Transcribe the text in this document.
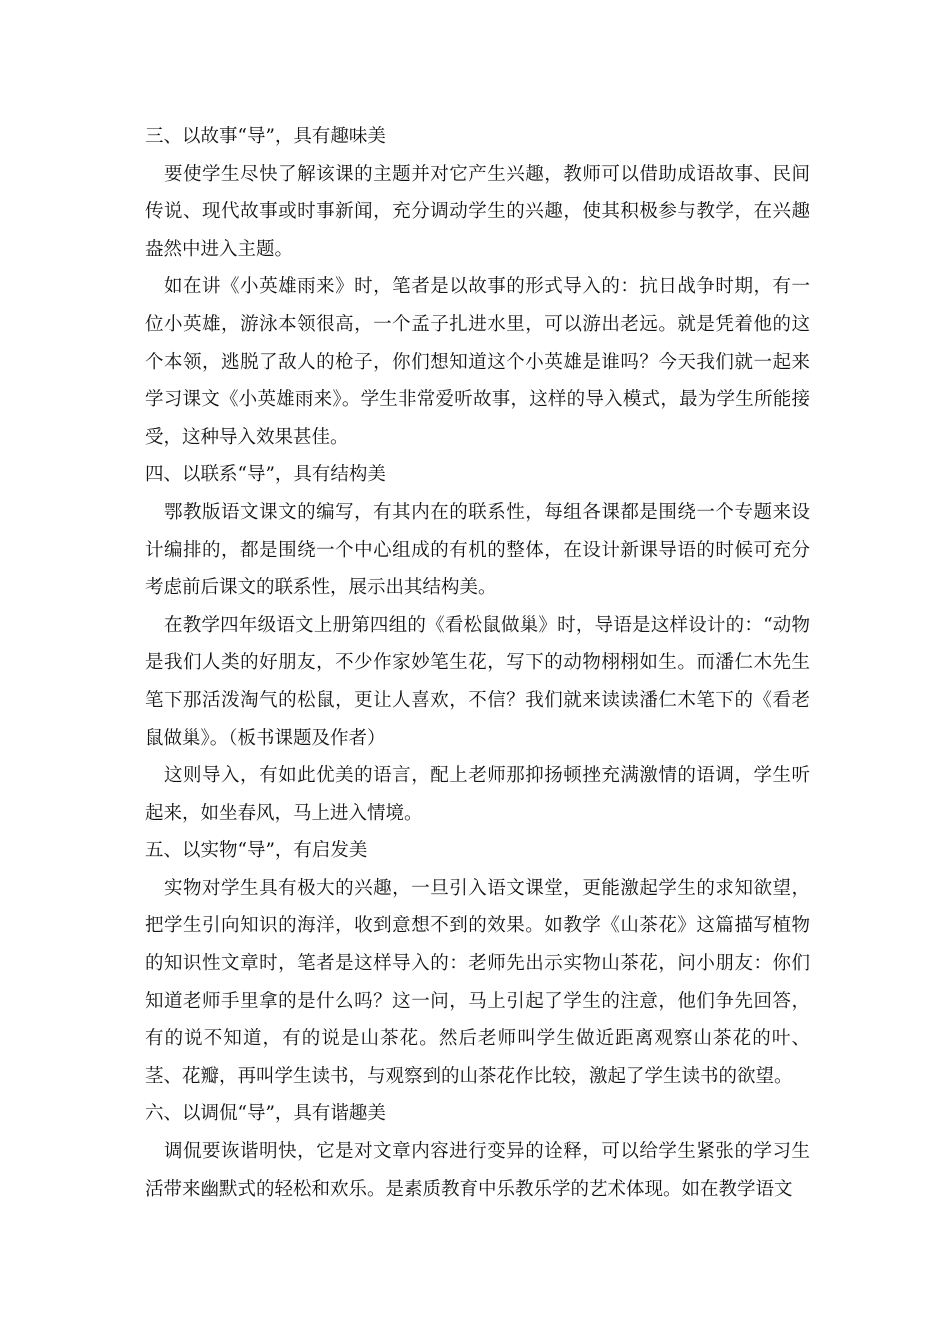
三、以故事“导”，具有趣味美

要使学生尽快了解该课的主题并对它产生兴趣，教师可以借助成语故事、民间传说、现代故事或时事新闻，充分调动学生的兴趣，使其积极参与教学，在兴趣盎然中进入主题。

如在讲《小英雄雨来》时，笔者是以故事的形式导入的：抗日战争时期，有一位小英雄，游泳本领很高，一个孟子扎进水里，可以游出老远。就是凭着他的这个本领，逃脱了敌人的枪子，你们想知道这个小英雄是谁吗？今天我们就一起来学习课文《小英雄雨来》。学生非常爱听故事，这样的导入模式，最为学生所能接受，这种导入效果甚佳。

四、以联系“导”，具有结构美

鄂教版语文课文的编写，有其内在的联系性，每组各课都是围绕一个专题来设计编排的，都是围绕一个中心组成的有机的整体，在设计新课导语的时候可充分考虑前后课文的联系性，展示出其结构美。

在教学四年级语文上册第四组的《看松鼠做巢》时，导语是这样设计的：“动物是我们人类的好朋友，不少作家妙笔生花，写下的动物栩栩如生。而潘仁木先生笔下那活泼淘气的松鼠，更让人喜欢，不信？我们就来读读潘仁木笔下的《看老鼠做巢》。（板书课题及作者）

这则导入，有如此优美的语言，配上老师那抑扬顿挫充满激情的语调，学生听起来，如坐春风，马上进入情境。

五、以实物“导”，有启发美

实物对学生具有极大的兴趣，一旦引入语文课堂，更能激起学生的求知欲望，把学生引向知识的海洋，收到意想不到的效果。如教学《山茶花》这篇描写植物的知识性文章时，笔者是这样导入的：老师先出示实物山茶花，问小朋友：你们知道老师手里拿的是什么吗？这一问，马上引起了学生的注意，他们争先回答，有的说不知道，有的说是山茶花。然后老师叫学生做近距离观察山茶花的叶、茎、花瓣，再叫学生读书，与观察到的山茶花作比较，激起了学生读书的欲望。

六、以调侃“导”，具有谐趣美

调侃要诙谐明快，它是对文章内容进行变异的诠释，可以给学生紧张的学习生活带来幽默式的轻松和欢乐。是素质教育中乐教乐学的艺术体现。如在教学语文
